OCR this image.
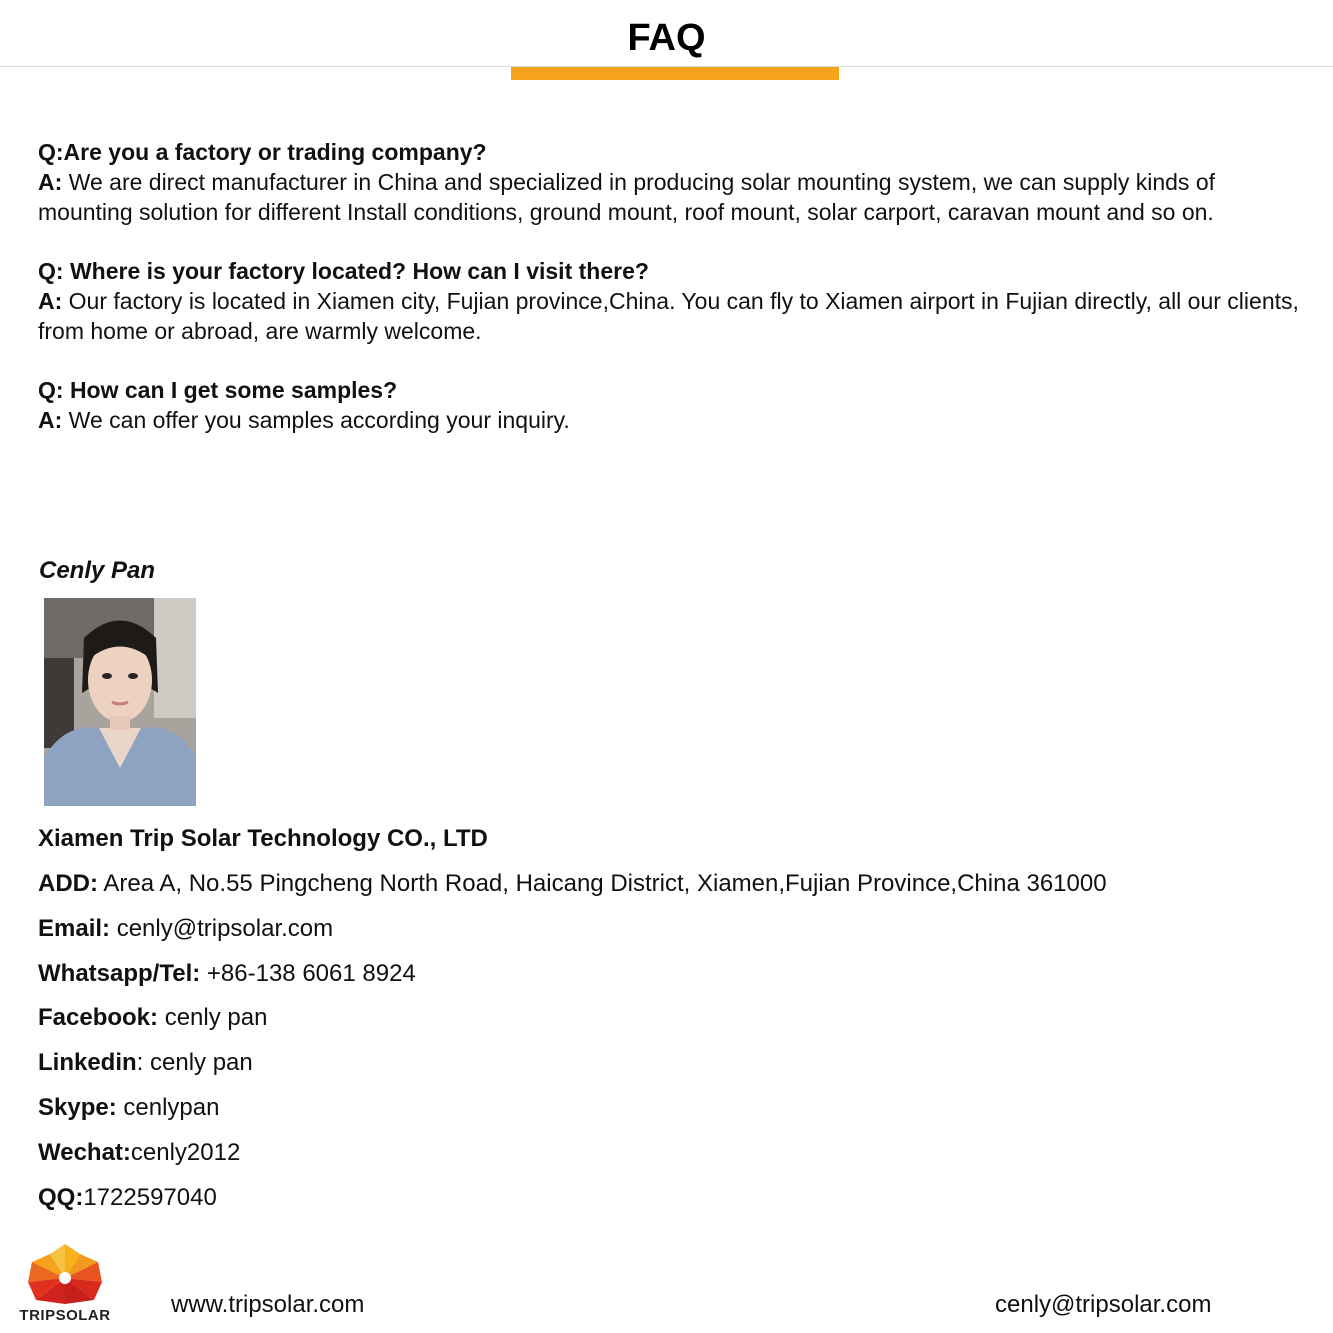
FAQ
Q:Are you a factory or trading company?
A: We are direct manufacturer in China and specialized in producing solar mounting system, we can supply kinds of mounting solution for different Install conditions, ground mount, roof mount, solar carport, caravan mount and so on.
Q: Where is your factory located? How can I visit there?
A: Our factory is located in Xiamen city, Fujian province,China. You can fly to Xiamen airport in Fujian directly, all our clients, from home or abroad, are warmly welcome.
Q: How can I get some samples?
A: We can offer you samples according your inquiry.
Cenly Pan
Xiamen Trip Solar Technology CO., LTD
ADD: Area A, No.55 Pingcheng North Road, Haicang District, Xiamen,Fujian Province,China 361000
Email: cenly@tripsolar.com
Whatsapp/Tel: +86-138 6061 8924
Facebook: cenly pan
Linkedin: cenly pan
Skype: cenlypan
Wechat:cenly2012
QQ:1722597040
TRIPSOLAR	www.tripsolar.com	cenly@tripsolar.com
